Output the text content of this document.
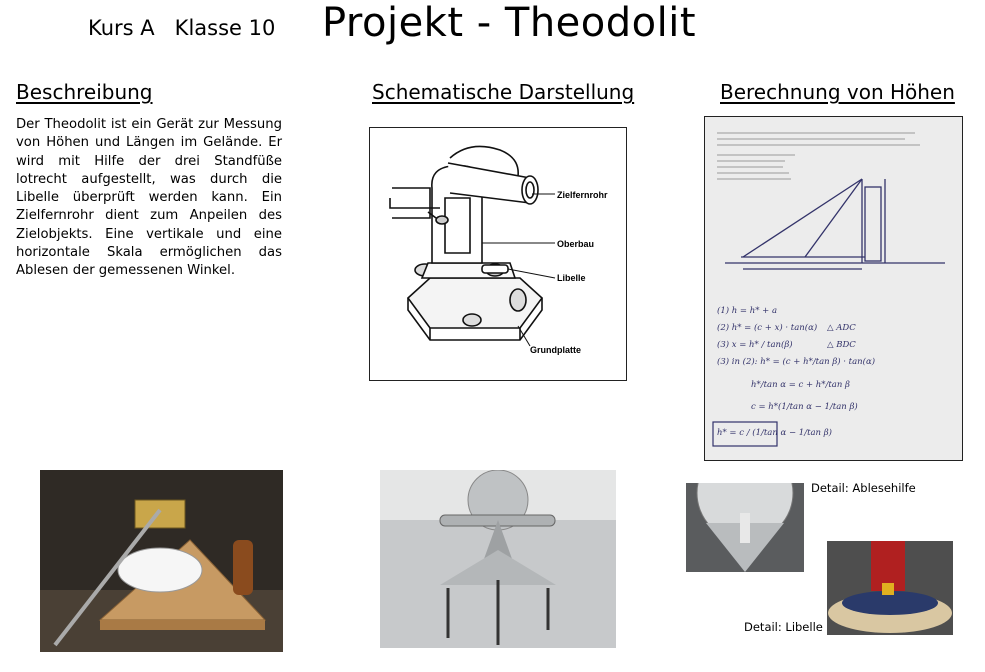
Kurs A   Klasse 10 Projekt - Theodolit
Beschreibung	Schematische Darstellung	Berechnung von Höhen
Der Theodolit ist ein Gerät zur Messung von Höhen und Längen im Gelände. Er wird mit Hilfe der drei Standfüße lotrecht aufgestellt, was durch die Libelle überprüft werden kann. Ein Zielfernrohr dient zum Anpeilen des Zielobjekts. Eine vertikale und eine horizontale Skala ermöglichen das Ablesen der gemessenen Winkel.
Zielfernrohr
Oberbau
Libelle
Grundplatte
(1) h = h* + a
(2) h* = (c + x) · tan(α)
(3) x = h* / tan(β)
(3) in (2): h* = (c + h*/tan β) · tan(α)
h*/tan α = c + h*/tan β
c = h*(1/tan α − 1/tan β)
h* = c / (1/tan α − 1/tan β)
△ ADC
△ BDC
Detail: Ablesehilfe
Detail: Libelle
